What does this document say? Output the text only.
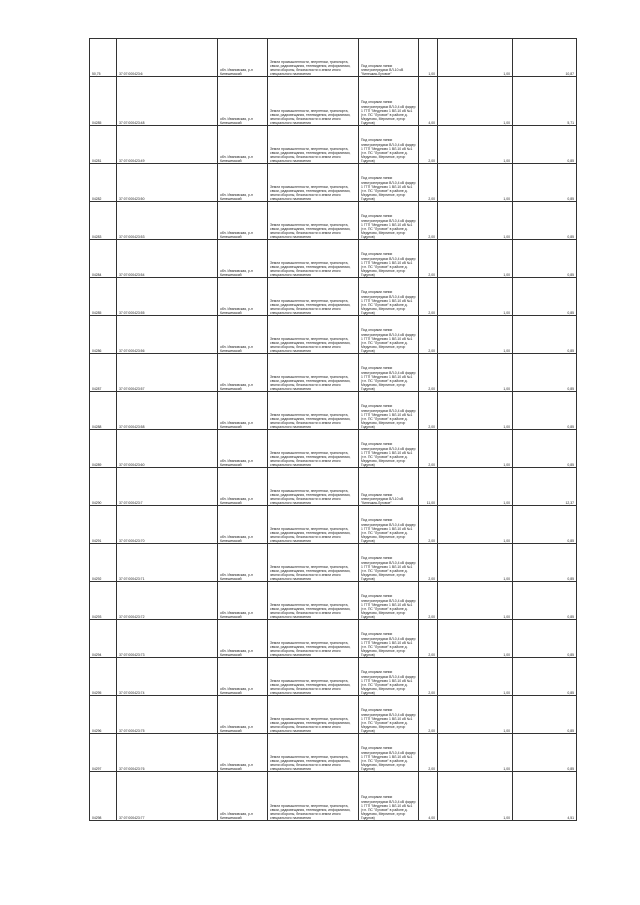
50,75	37:07:000423:6	обл. Ивановская, р-н Кинешемский	Земли промышленности, энергетики, транспорта, связи, радиовещания, телевидения, информатики, земли обороны, безопасности и земли иного специального назначения	Под опорами линии электропередачи ВЛ-10 кВ "Кинешма-Луговое"	1,00	1,00	10,87
04285	37:07:000423:48	обл. Ивановская, р-н Кинешемский	Земли промышленности, энергетики, транспорта, связи, радиовещания, телевидения, информатики, земли обороны, безопасности и земли иного специального назначения	Под опорами линии электропередачи ВЛ-0,4 кВ фидер 1 ГТП "Медуново 1 ВЛ-10 кВ №1 (т.п. ПС "Луговое" в районе д. Медуново, Мерлиное, хутор Годунов)	4,00	1,00	5,71
04281	37:07:000423:49	обл. Ивановская, р-н Кинешемский	Земли промышленности, энергетики, транспорта, связи, радиовещания, телевидения, информатики, земли обороны, безопасности и земли иного специального назначения	Под опорами линии электропередачи ВЛ-0,4 кВ фидер 1 ГТП "Медуново 1 ВЛ-10 кВ №1 (т.п. ПС "Луговое" в районе д. Медуново, Мерлиное, хутор Годунов)	2,00	1,00	0,85
04282	37:07:000423:50	обл. Ивановская, р-н Кинешемский	Земли промышленности, энергетики, транспорта, связи, радиовещания, телевидения, информатики, земли обороны, безопасности и земли иного специального назначения	Под опорами линии электропередачи ВЛ-0,4 кВ фидер 1 ГТП "Медуново 1 ВЛ-10 кВ №1 (т.п. ПС "Луговое" в районе д. Медуново, Мерлиное, хутор Годунов)	2,00	1,00	0,85
04283	37:07:000423:53	обл. Ивановская, р-н Кинешемский	Земли промышленности, энергетики, транспорта, связи, радиовещания, телевидения, информатики, земли обороны, безопасности и земли иного специального назначения	Под опорами линии электропередачи ВЛ-0,4 кВ фидер 1 ГТП "Медуново 1 ВЛ-10 кВ №1 (т.п. ПС "Луговое" в районе д. Медуново, Мерлиное, хутор Годунов)	2,00	1,00	0,85
04284	37:07:000423:54	обл. Ивановская, р-н Кинешемский	Земли промышленности, энергетики, транспорта, связи, радиовещания, телевидения, информатики, земли обороны, безопасности и земли иного специального назначения	Под опорами линии электропередачи ВЛ-0,4 кВ фидер 1 ГТП "Медуново 1 ВЛ-10 кВ №1 (т.п. ПС "Луговое" в районе д. Медуново, Мерлиное, хутор Годунов)	2,00	1,00	0,85
04285	37:07:000423:55	обл. Ивановская, р-н Кинешемский	Земли промышленности, энергетики, транспорта, связи, радиовещания, телевидения, информатики, земли обороны, безопасности и земли иного специального назначения	Под опорами линии электропередачи ВЛ-0,4 кВ фидер 1 ГТП "Медуново 1 ВЛ-10 кВ №1 (т.п. ПС "Луговое" в районе д. Медуново, Мерлиное, хутор Годунов)	2,00	1,00	0,85
04286	37:07:000423:56	обл. Ивановская, р-н Кинешемский	Земли промышленности, энергетики, транспорта, связи, радиовещания, телевидения, информатики, земли обороны, безопасности и земли иного специального назначения	Под опорами линии электропередачи ВЛ-0,4 кВ фидер 1 ГТП "Медуново 1 ВЛ-10 кВ №1 (т.п. ПС "Луговое" в районе д. Медуново, Мерлиное, хутор Годунов)	2,00	1,00	0,85
04287	37:07:000423:57	обл. Ивановская, р-н Кинешемский	Земли промышленности, энергетики, транспорта, связи, радиовещания, телевидения, информатики, земли обороны, безопасности и земли иного специального назначения	Под опорами линии электропередачи ВЛ-0,4 кВ фидер 1 ГТП "Медуново 1 ВЛ-10 кВ №1 (т.п. ПС "Луговое" в районе д. Медуново, Мерлиное, хутор Годунов)	2,00	1,00	0,85
04288	37:07:000423:58	обл. Ивановская, р-н Кинешемский	Земли промышленности, энергетики, транспорта, связи, радиовещания, телевидения, информатики, земли обороны, безопасности и земли иного специального назначения	Под опорами линии электропередачи ВЛ-0,4 кВ фидер 1 ГТП "Медуново 1 ВЛ-10 кВ №1 (т.п. ПС "Луговое" в районе д. Медуново, Мерлиное, хутор Годунов)	2,00	1,00	0,85
04289	37:07:000423:60	обл. Ивановская, р-н Кинешемский	Земли промышленности, энергетики, транспорта, связи, радиовещания, телевидения, информатики, земли обороны, безопасности и земли иного специального назначения	Под опорами линии электропередачи ВЛ-0,4 кВ фидер 1 ГТП "Медуново 1 ВЛ-10 кВ №1 (т.п. ПС "Луговое" в районе д. Медуново, Мерлиное, хутор Годунов)	2,00	1,00	0,85
04290	37:07:000423:7	обл. Ивановская, р-н Кинешемский	Земли промышленности, энергетики, транспорта, связи, радиовещания, телевидения, информатики, земли обороны, безопасности и земли иного специального назначения	Под опорами линии электропередачи ВЛ-10 кВ "Кинешма-Луговое"	11,00	1,00	12,37
04291	37:07:000423:70	обл. Ивановская, р-н Кинешемский	Земли промышленности, энергетики, транспорта, связи, радиовещания, телевидения, информатики, земли обороны, безопасности и земли иного специального назначения	Под опорами линии электропередачи ВЛ-0,4 кВ фидер 1 ГТП "Медуново 1 ВЛ-10 кВ №1 (т.п. ПС "Луговое" в районе д. Медуново, Мерлиное, хутор Годунов)	2,00	1,00	0,85
04292	37:07:000423:71	обл. Ивановская, р-н Кинешемский	Земли промышленности, энергетики, транспорта, связи, радиовещания, телевидения, информатики, земли обороны, безопасности и земли иного специального назначения	Под опорами линии электропередачи ВЛ-0,4 кВ фидер 1 ГТП "Медуново 1 ВЛ-10 кВ №1 (т.п. ПС "Луговое" в районе д. Медуново, Мерлиное, хутор Годунов)	2,00	1,00	0,85
04293	37:07:000423:72	обл. Ивановская, р-н Кинешемский	Земли промышленности, энергетики, транспорта, связи, радиовещания, телевидения, информатики, земли обороны, безопасности и земли иного специального назначения	Под опорами линии электропередачи ВЛ-0,4 кВ фидер 1 ГТП "Медуново 1 ВЛ-10 кВ №1 (т.п. ПС "Луговое" в районе д. Медуново, Мерлиное, хутор Годунов)	2,00	1,00	0,85
04294	37:07:000423:73	обл. Ивановская, р-н Кинешемский	Земли промышленности, энергетики, транспорта, связи, радиовещания, телевидения, информатики, земли обороны, безопасности и земли иного специального назначения	Под опорами линии электропередачи ВЛ-0,4 кВ фидер 1 ГТП "Медуново 1 ВЛ-10 кВ №1 (т.п. ПС "Луговое" в районе д. Медуново, Мерлиное, хутор Годунов)	2,00	1,00	0,85
04295	37:07:000423:74	обл. Ивановская, р-н Кинешемский	Земли промышленности, энергетики, транспорта, связи, радиовещания, телевидения, информатики, земли обороны, безопасности и земли иного специального назначения	Под опорами линии электропередачи ВЛ-0,4 кВ фидер 1 ГТП "Медуново 1 ВЛ-10 кВ №1 (т.п. ПС "Луговое" в районе д. Медуново, Мерлиное, хутор Годунов)	2,00	1,00	0,85
04296	37:07:000423:75	обл. Ивановская, р-н Кинешемский	Земли промышленности, энергетики, транспорта, связи, радиовещания, телевидения, информатики, земли обороны, безопасности и земли иного специального назначения	Под опорами линии электропередачи ВЛ-0,4 кВ фидер 1 ГТП "Медуново 1 ВЛ-10 кВ №1 (т.п. ПС "Луговое" в районе д. Медуново, Мерлиное, хутор Годунов)	2,00	1,00	0,85
04297	37:07:000423:76	обл. Ивановская, р-н Кинешемский	Земли промышленности, энергетики, транспорта, связи, радиовещания, телевидения, информатики, земли обороны, безопасности и земли иного специального назначения	Под опорами линии электропередачи ВЛ-0,4 кВ фидер 1 ГТП "Медуново 1 ВЛ-10 кВ №1 (т.п. ПС "Луговое" в районе д. Медуново, Мерлиное, хутор Годунов)	2,00	1,00	0,85
04298	37:07:000423:77	обл. Ивановская, р-н Кинешемский	Земли промышленности, энергетики, транспорта, связи, радиовещания, телевидения, информатики, земли обороны, безопасности и земли иного специального назначения	Под опорами линии электропередачи ВЛ-0,4 кВ фидер 1 ГТП "Медуново 1 ВЛ-10 кВ №1 (т.п. ПС "Луговое" в районе д. Медуново, Мерлиное, хутор Годунов)	4,00	1,00	4,51
